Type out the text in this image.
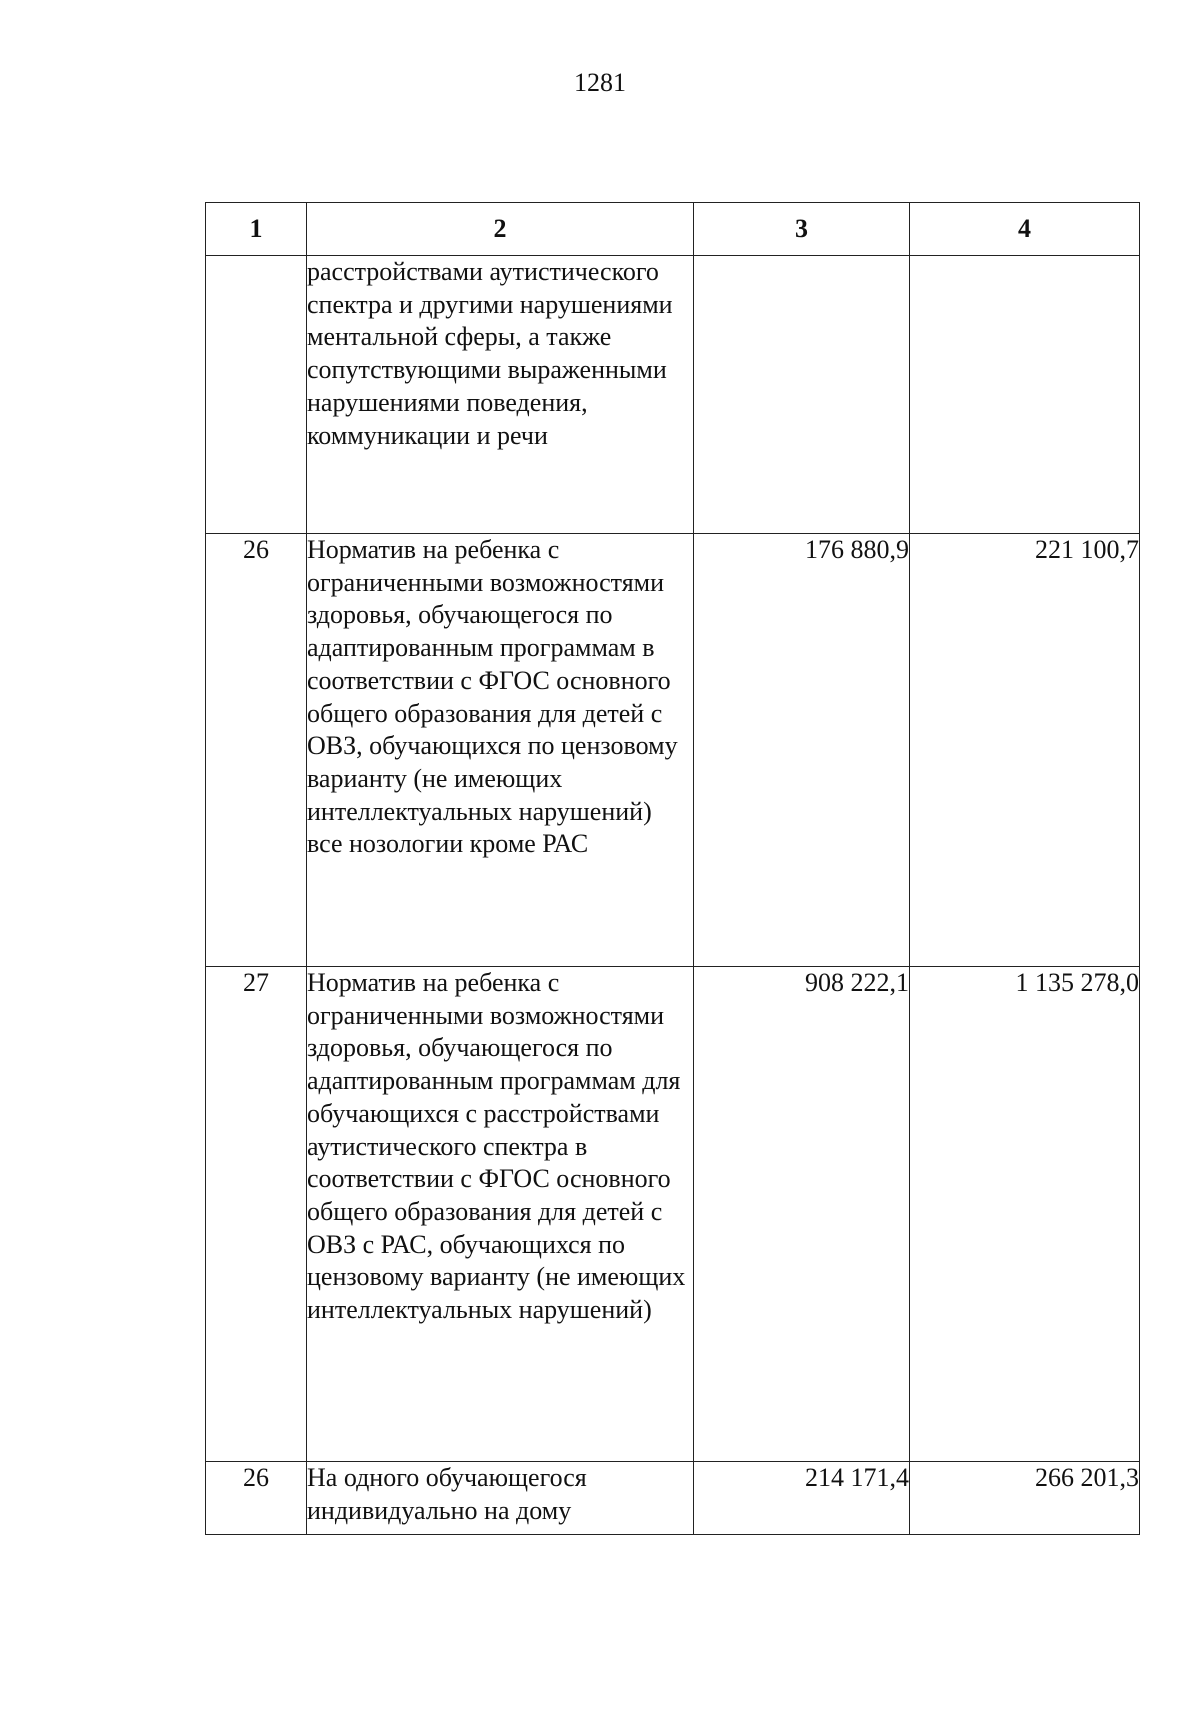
1281
1	2	3	4
	расстройствами аутистического спектра и другими нарушениями ментальной сферы, а также сопутствующими выраженными нарушениями поведения, коммуникации и речи		
26	Норматив на ребенка с ограниченными возможностями здоровья, обучающегося по адаптированным программам в соответствии с ФГОС основного общего образования для детей с ОВЗ, обучающихся по цензовому варианту (не имеющих интеллектуальных нарушений) все нозологии кроме РАС	176 880,9	221 100,7
27	Норматив на ребенка с ограниченными возможностями здоровья, обучающегося по адаптированным программам для обучающихся с расстройствами аутистического спектра в соответствии с ФГОС основного общего образования для детей с ОВЗ с РАС, обучающихся по цензовому варианту (не имеющих интеллектуальных нарушений)	908 222,1	1 135 278,0
26	На одного обучающегося индивидуально на дому	214 171,4	266 201,3
